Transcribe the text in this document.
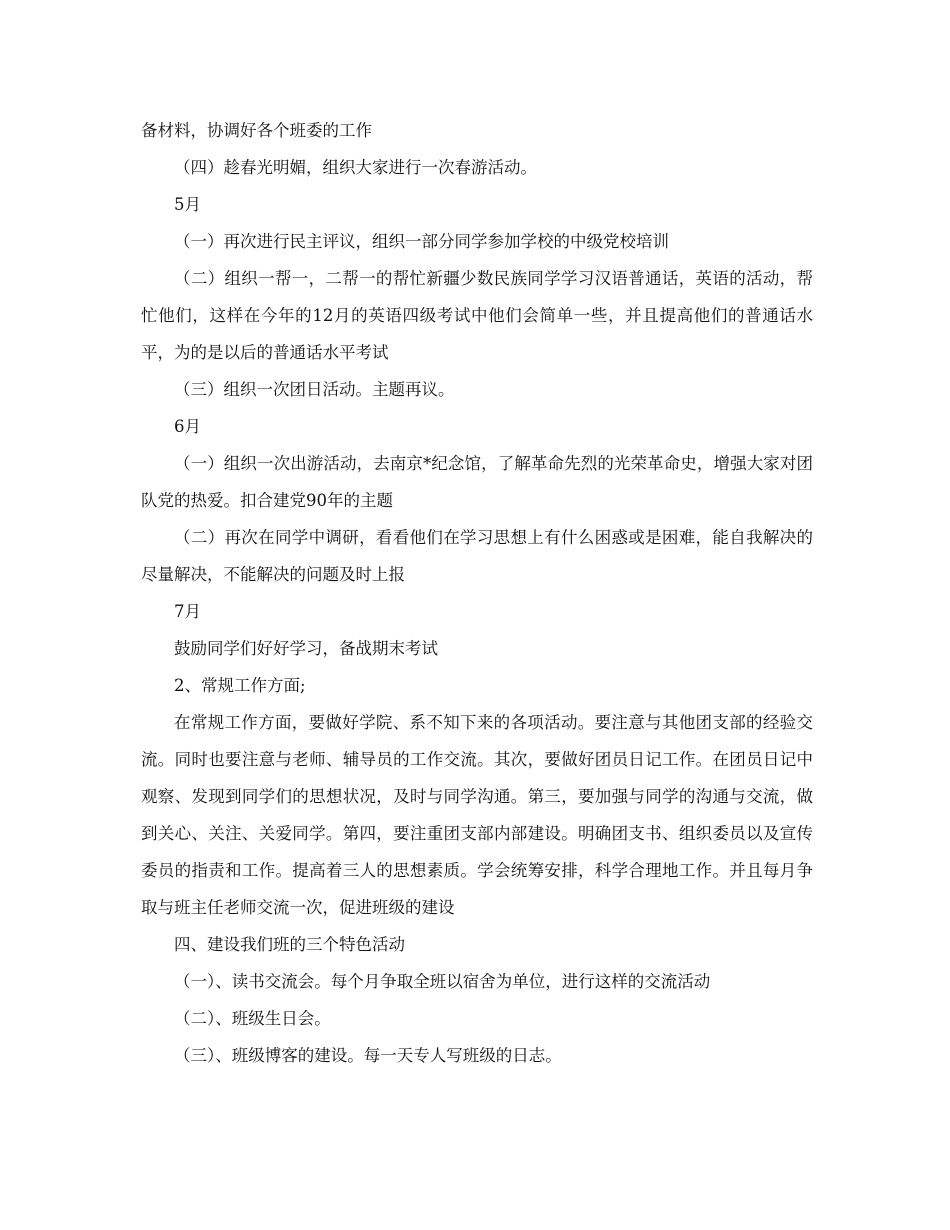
备材料，协调好各个班委的工作

（四）趁春光明媚，组织大家进行一次春游活动。

5月

（一）再次进行民主评议，组织一部分同学参加学校的中级党校培训

（二）组织一帮一，二帮一的帮忙新疆少数民族同学学习汉语普通话，英语的活动，帮忙他们，这样在今年的12月的英语四级考试中他们会简单一些，并且提高他们的普通话水平，为的是以后的普通话水平考试

（三）组织一次团日活动。主题再议。

6月

（一）组织一次出游活动，去南京*纪念馆，了解革命先烈的光荣革命史，增强大家对团队党的热爱。扣合建党90年的主题

（二）再次在同学中调研，看看他们在学习思想上有什么困惑或是困难，能自我解决的尽量解决，不能解决的问题及时上报

7月

鼓励同学们好好学习，备战期末考试

2、常规工作方面;

在常规工作方面，要做好学院、系不知下来的各项活动。要注意与其他团支部的经验交流。同时也要注意与老师、辅导员的工作交流。其次，要做好团员日记工作。在团员日记中观察、发现到同学们的思想状况，及时与同学沟通。第三，要加强与同学的沟通与交流，做到关心、关注、关爱同学。第四，要注重团支部内部建设。明确团支书、组织委员以及宣传委员的指责和工作。提高着三人的思想素质。学会统筹安排，科学合理地工作。并且每月争取与班主任老师交流一次，促进班级的建设

四、建设我们班的三个特色活动

（一）、读书交流会。每个月争取全班以宿舍为单位，进行这样的交流活动

（二）、班级生日会。

（三）、班级博客的建设。每一天专人写班级的日志。
